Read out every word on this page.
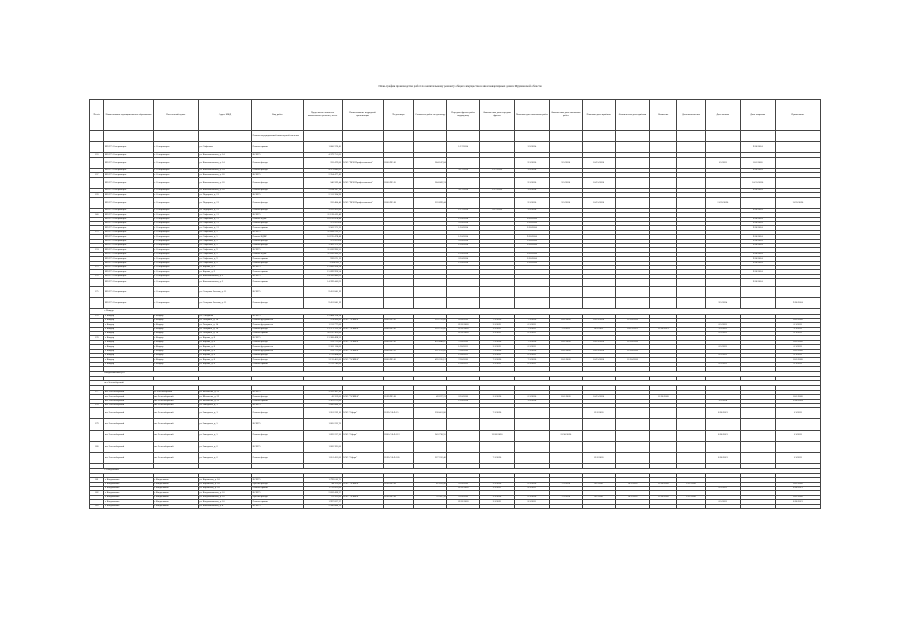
План-график производства работ по капитальному ремонту общего имущества в многоквартирных домах Мурманской области
№ п/п	Наименование муниципального образования	Населенный пункт	Адрес МКД	Вид работ	Предельная стоимость капитального ремонта, всего	Наименование подрядной организации	№ договора	Стоимость работ по договору	Передача фронта работ подрядчику	Фактическая дата передачи фронта	Плановая дата окончания работ	Фактическая дата окончания работ	Плановая дата приёмки	Фактическая дата приёмки	Комиссия	Дата выполнения	Дата оплаты	Дата закрытия	Примечание
				Ремонт внутридомовой инженерной системы															
	МО ГО Североморск	г. Североморск	ул. Сафонова	Ремонт крыши	1 060 378,45				1/17/2024		3/3/2024							9/30/2024	
133	МО ГО Североморск	г. Североморск	ул. Комсомольская, д. 14	ВСЕГО	4 379 751,05														
	МО ГО Североморск	г. Североморск	ул. Комсомольская, д. 14	Ремонт фасада	333 479,00	ООО "ПСК Профессионалы"	2020-ПР-16	384 247,84			9/1/2020	9/1/2020	10/15/2020				1/1/2021	10/1/2020	
	МО ГО Североморск	г. Североморск	ул. Комсомольская, д. 14	Ремонт фасада	4 371 842,05				3/17/2024	1/17/2024	3/3/2024							9/30/2024	
137	МО ГО Североморск	г. Североморск	ул. Комсомольская, д. 18	ВСЕГО	2 354 477,43														
	МО ГО Североморск	г. Североморск	ул. Комсомольская, д. 18	Ремонт фасада	346 599,44	ООО "ПСК Профессионалы"	2020-ПР-15	384 009,74			9/1/2020	9/1/2020	10/15/2020					10/15/2020	
	МО ГО Североморск	г. Североморск	ул. Комсомольская, д. 18	Ремонт фасада	2 104 347,14				3/17/2024	1/17/2024	3/3/2024							9/30/2024	
139	МО ГО Североморск	г. Североморск	ул. Падорина, д. 21	ВСЕГО	2 311 394,90														
	МО ГО Североморск	г. Североморск	ул. Падорина, д. 21	Ремонт фасада	332 484,40	ООО "ПСК Профессионалы"	2020-ПР-18	333 899,44			9/1/2020	9/1/2020	10/15/2020				11/25/2020		11/25/2020
	МО ГО Североморск	г. Североморск	ул. Падорина, д. 21	Ремонт фасада	3 225 201,00				1/17/2024	3/17/2024	3/3/2024							9/30/2024	
140	МО ГО Североморск	г. Североморск	ул. Сафонова, д. 11	ВСЕГО	11 128 412,40														
	МО ГО Североморск	г. Североморск	ул. Сафонова, д. 11	Ремонт ВДИС	10 195 478,48				1/10/2024		9/30/2024							9/30/2024	
	МО ГО Североморск	г. Североморск	ул. Сафонова, д. 11	Ремонт фасада	11 195 478				2/10/2024		3/30/2024							9/30/2024	
	МО ГО Североморск	г. Североморск	ул. Сафонова, д. 11	Ремонт крыши	3 502 371,33				1/10/2024		3/30/2024							9/30/2024	
175	МО ГО Североморск	г. Североморск	ул. Сафонова, д. 5	ВСЕГО	11 028 512,27														
	МО ГО Североморск	г. Североморск	ул. Сафонова, д. 5	Ремонт ВДИС	10 195 478,48				1/10/2024		9/30/2024							9/30/2024	
	МО ГО Североморск	г. Североморск	ул. Сафонова, д. 5	Ремонт фасада	11 195 478				2/10/2024		3/30/2024							9/30/2024	
	МО ГО Североморск	г. Североморск	ул. Сафонова, д. 5	Ремонт фасада	3 502 371,33				1/10/2024		3/30/2024							9/30/2024	
174	МО ГО Североморск	г. Североморск	ул. Сафонова, д. 9	ВСЕГО	11 039 990,55														
	МО ГО Североморск	г. Североморск	ул. Сафонова, д. 9	Ремонт ВДИС	11 039 990,55				1/10/2024		9/30/2024							9/30/2024	
	МО ГО Североморск	г. Североморск	ул. Сафонова, д. 9	Ремонт крыши	939 075,12				2/10/2024		3/30/2024							9/30/2024	
	МО ГО Североморск	г. Североморск	ул. Сафонова, д. 9	Ремонт фасада	3 436 831,1				1/10/2024		3/30/2024							9/30/2024	
175	МО ГО Североморск	г. Североморск	ул. Кирова, д. 9	ВСЕГО	15 099 996,54														
	МО ГО Североморск	г. Североморск	ул. Кирова, д. 9	Ремонт крыши	15 099 996,54													9/30/2024	
176	МО ГО Североморск	г. Североморск	ул. Комсомольская, д. 2	ВСЕГО	14 399 445,62														
	МО ГО Североморск	г. Североморск	ул. Комсомольская, д. 2	Ремонт крыши	14 399 445,62													9/30/2024	
175	МО ГО Североморск	г. Североморск	ул. Северная Застава, д. 11	ВСЕГО	9 431 845,19														
	МО ГО Североморск	г. Североморск	ул. Северная Застава, д. 11	Ремонт фасада	9 431 845,19												9/1/2024		9/30/2024
	г. Ковдор																		
176	г. Ковдор	г. Ковдор	ул. Слюдяная	ВСЕГО	15 484 700,24														
	г. Ковдор	г. Ковдор	ул. Гагарина, д. 14	Ремонт фундамента	374 450,00	ООО "ЭСКИФ"	2020-ПР-16	953 725,02	6/20/2020	7/1/2020	7/1/2020	10/1/2020	10/15/2020	11/30/2020					10/5/2020
	г. Ковдор	г. Ковдор	ул. Гагарина, д. 14	Ремонт фундамента	1 211 777,00				12/25/2020	2/1/2021	6/1/2021						6/1/2021		6/1/2021
	г. Ковдор	г. Ковдор	ул. Гагарина, д. 14	Ремонт фасада	13 371 702,24	ООО "ЭСКИФ"	2020-ПР-16	953 725,02	12/25/2020	2/1/2021	7/1/2021	7/1/2021	10/1/2021	10/15/2021	11/30/2021		5/1/2021		5/1/2021
	г. Ковдор	г. Ковдор	ул. Гагарина, д. 14	Ремонт крыши	20 147 305,00				12/25/2020	2/1/2021	6/1/2021						6/1/2021		6/1/2021
178	г. Ковдор	г. Ковдор	ул. Кирова, д. 8	ВСЕГО	13 368 498,52														
	г. Ковдор	г. Ковдор	ул. Кирова, д. 8	Ремонт фасада	378 751,00	ООО "ЭСКИФ"	2020-ПР-16	470 448,07	7/20/2020	7/1/2020	7/1/2020	10/1/2020	10/15/2020	11/30/2020					10/5/2020
	г. Ковдор	г. Ковдор	ул. Кирова, д. 8	Ремонт фундамента	2 105 114,00				1/20/2021	2/1/2021	6/1/2021						6/1/2021		6/1/2021
	г. Ковдор	г. Ковдор	ул. Кирова, д. 8	Ремонт фундамента	378 751,00	ООО "ЭСКИФ"	2020-ПР-15	957 125,02	7/20/2020	7/1/2020	7/1/2020	10/1/2020	10/15/2020	11/30/2020					10/5/2020
	г. Ковдор	г. Ковдор	ул. Кирова, д. 8	Ремонт фасада	1 111 488,00				1/20/2021	2/1/2021	6/1/2021						6/1/2021		6/1/2021
	г. Ковдор	г. Ковдор	ул. Кирова, д. 8	Ремонт фасада	3 133 401,00	ООО "ЭСКИФ"	2020-ПР-16	493 335,12	7/20/2020	7/1/2020	7/1/2020	10/1/2020	10/15/2020	11/30/2020					10/5/2020
	г. Ковдор	г. Ковдор	ул. Кирова, д. 8	Ремонт крыши	2 211 746,00				1/20/2021	2/1/2021	6/1/2021						6/1/2021		6/1/2021

	Кандалакшский р-н																		

	пгт Зеленоборский																		

177	пгт Зеленоборский	п. Зеленоборский	ул. Шевченко, д. 22	ВСЕГО	3 352 387,36														
	пгт Зеленоборский	пгт Зеленоборский	ул. Шевченко, д. 22	Ремонт фасада	43 322,00	ООО "ЭСКИФ"	2019-ПР-18	49 227,21	2/10/2020	3/1/2020	6/1/2020	10/1/2020	10/15/2020		11/30/2020				10/1/2020
	пгт Зеленоборский	пгт Зеленоборский	ул. Шевченко, д. 22	Ремонт крыши	3 301 675,00				1/10/2024		3/3/2024						3/1/2024		9/30/2024
178	пгт Зеленоборский	пгт Зеленоборский	ул. Заводская, д. 3	ВСЕГО	3 666 088,35														
	пгт Зеленоборский	пгт Зеленоборский	ул. Заводская, д. 3	Ремонт фасада	1 201 239,10	ООО "Сфера"	2019-СФ-Р-15	238 401,00		7/1/2020			12/5/2020				6/30/2021		1/1/2021
179	пгт Зеленоборский	пгт Зеленоборский	ул. Заводская, д. 5	ВСЕГО	1 665 232,76														
	пгт Зеленоборский	пгт Зеленоборский	ул. Заводская, д. 5	Ремонт фасада	1 092 237,20	ООО "Сфера"	2020-СФ-Р-112	243 738,55		12/20/2020		12/30/2020					6/30/2021		1/1/2021
180	пгт Зеленоборский	пгт Зеленоборский	ул. Заводская, д. 6	ВСЕГО	1 682 395,00														
	пгт Зеленоборский	пгт Зеленоборский	ул. Заводская, д. 6	Ремонт фасада	1 051 431,00	ООО "Сфера"	2019-СФ-Р-105	227 332,40		7/1/2020			12/5/2020				6/30/2021		1/1/2021

	г. Кандалакша																		

181	г. Кандалакша	г. Кандалакша	ул. Кировская, д. 24	ВСЕГО	1 799 616,75														
	г. Кандалакша	г. Кандалакша	ул. Кировская, д. 24	Проект фасада	44 322,00	ООО "ЭСКИФ"	2019-ПР-18	41 070,43	2/10/2020	3/1/2020	6/1/2020	7/1/2020	8/1/2020	10/1/2020	11/30/2020	12/1/2020			10/1/2020
	г. Кандалакша	г. Кандалакша	ул. Кировская, д. 24	Ремонт крыши	1 776 475,00				12/25/2020	2/1/2021	8/1/2021						6/1/2021		6/30/2021
182	г. Кандалакша	г. Кандалакша	ул. Кандалакшская, д. 10	ВСЕГО	2 059 428,37														
	г. Кандалакша	г. Кандалакша	ул. Кандалакшская, д. 10	Проект фасада	61 591,00	ООО "ЭСКИФ"	2019-ПР-18	76 997,10	2/10/2020	3/1/2020	6/1/2020	7/1/2020	8/1/2020	10/1/2020	11/30/2020	12/1/2020			10/1/2020
	г. Кандалакша	г. Кандалакша	ул. Кандалакшская, д. 10	Ремонт крыши	1 997 837,37				12/25/2020	2/1/2021	8/1/2021						6/1/2021		6/30/2021
183	г. Кандалакша	г. Кандалакша	ул. Комсомольская, д. 4	ВСЕГО	2 545 088,79														
